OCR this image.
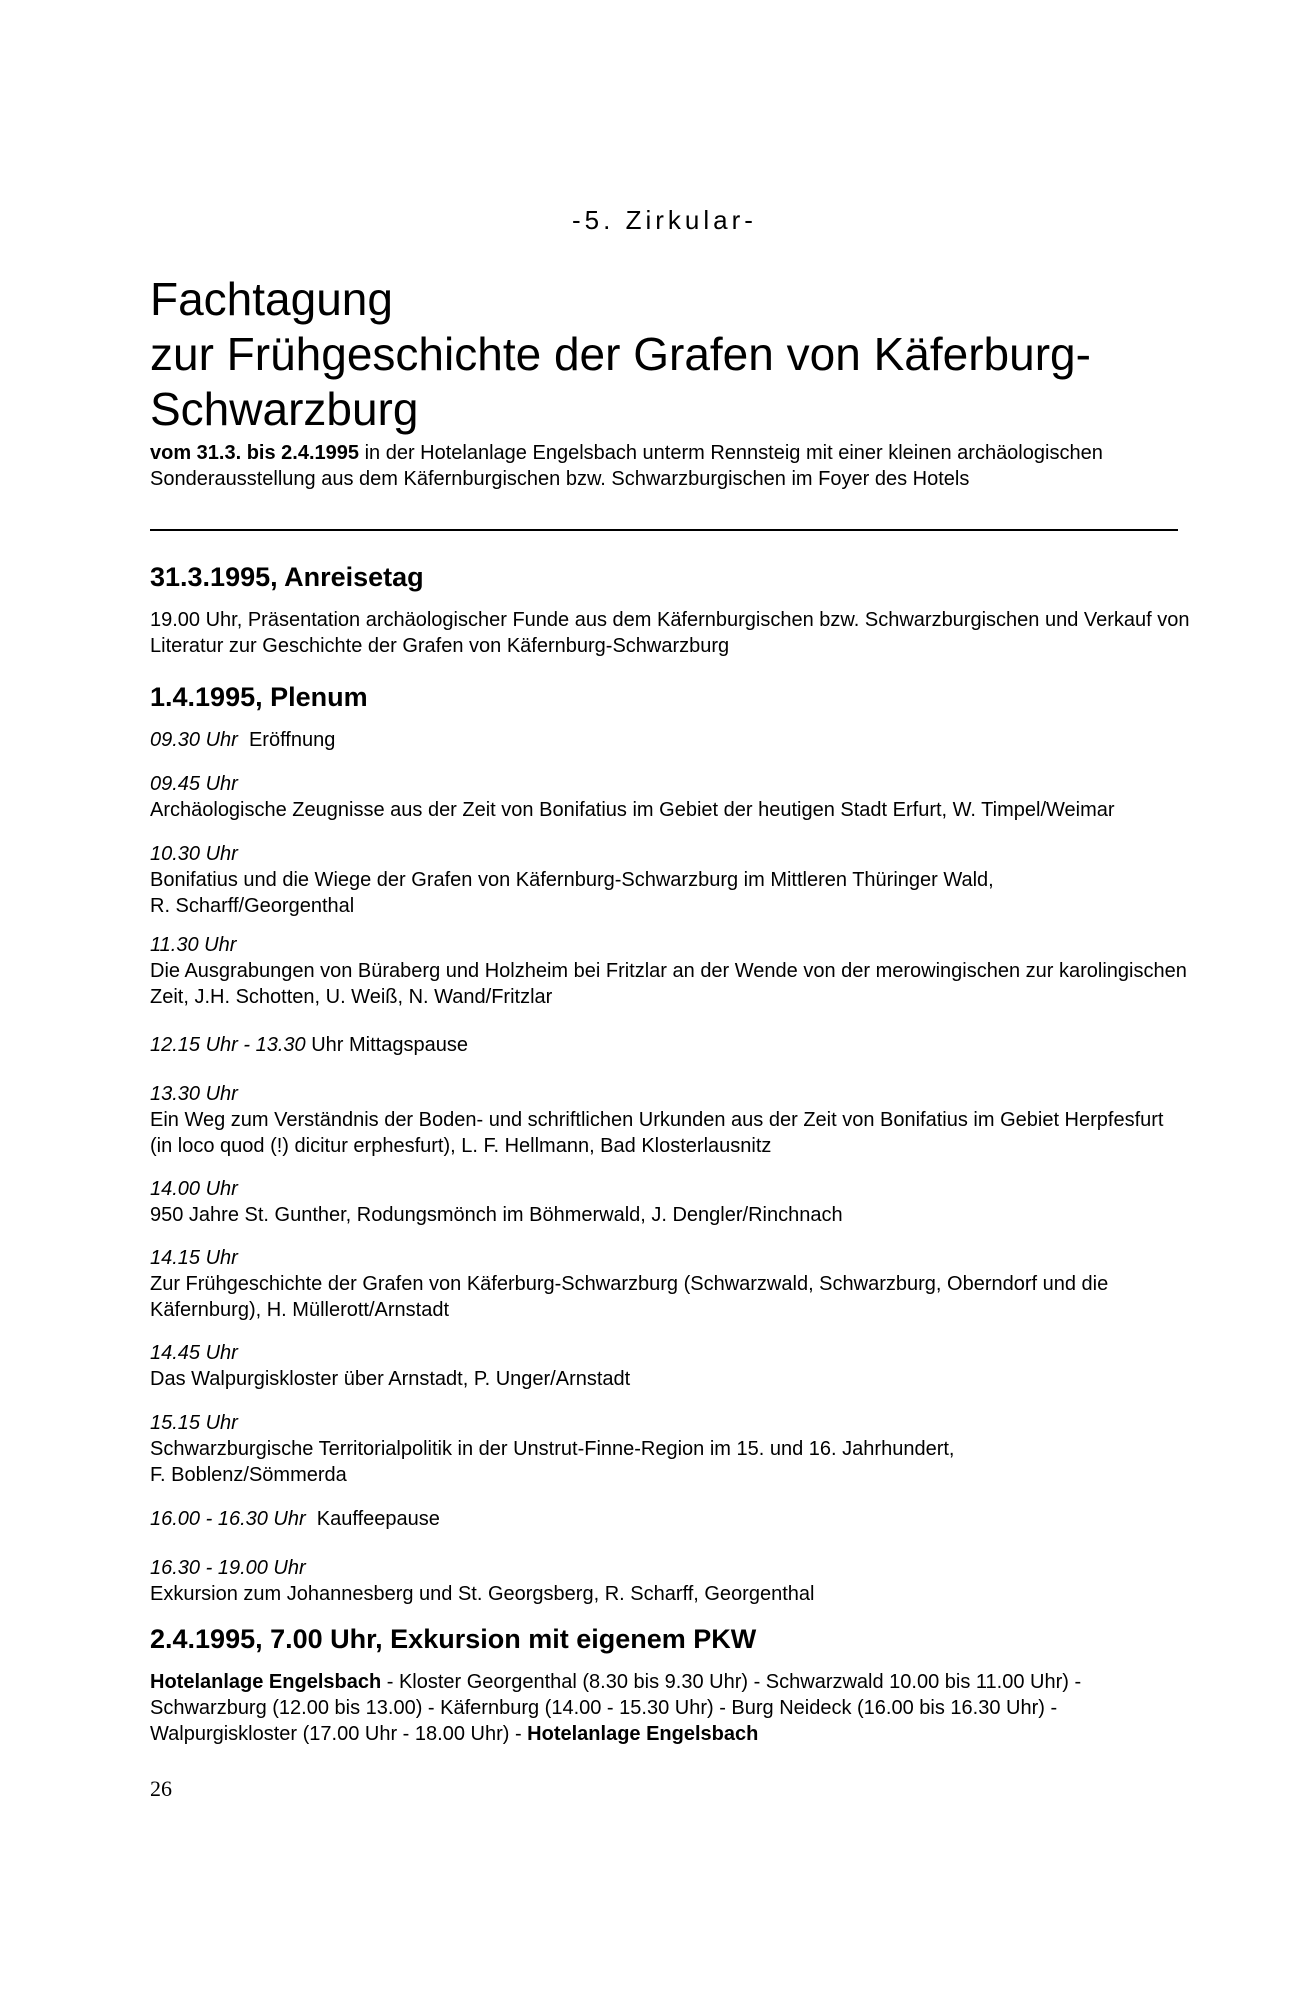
-5. Zirkular-
Fachtagung
zur Frühgeschichte der Grafen von Käferburg-
Schwarzburg

vom 31.3. bis 2.4.1995 in der Hotelanlage Engelsbach unterm Rennsteig mit einer kleinen archäologischen Sonderausstellung aus dem Käfernburgischen bzw. Schwarzburgischen im Foyer des Hotels

31.3.1995, Anreisetag

19.00 Uhr, Präsentation archäologischer Funde aus dem Käfernburgischen bzw. Schwarzburgischen und Verkauf von Literatur zur Geschichte der Grafen von Käfernburg-Schwarzburg

1.4.1995, Plenum

09.30 Uhr Eröffnung

09.45 Uhr

Archäologische Zeugnisse aus der Zeit von Bonifatius im Gebiet der heutigen Stadt Erfurt, W. Timpel/Weimar

10.30 Uhr

Bonifatius und die Wiege der Grafen von Käfernburg-Schwarzburg im Mittleren Thüringer Wald,

R. Scharff/Georgenthal

11.30 Uhr

Die Ausgrabungen von Büraberg und Holzheim bei Fritzlar an der Wende von der merowingischen zur karolingischen Zeit, J.H. Schotten, U. Weiß, N. Wand/Fritzlar

12.15 Uhr - 13.30 Uhr Mittagspause

13.30 Uhr

Ein Weg zum Verständnis der Boden- und schriftlichen Urkunden aus der Zeit von Bonifatius im Gebiet Herpfesfurt (in loco quod (!) dicitur erphesfurt), L. F. Hellmann, Bad Klosterlausnitz

14.00 Uhr

950 Jahre St. Gunther, Rodungsmönch im Böhmerwald, J. Dengler/Rinchnach

14.15 Uhr

Zur Frühgeschichte der Grafen von Käferburg-Schwarzburg (Schwarzwald, Schwarzburg, Oberndorf und die Käfernburg), H. Müllerott/Arnstadt

14.45 Uhr

Das Walpurgiskloster über Arnstadt, P. Unger/Arnstadt

15.15 Uhr

Schwarzburgische Territorialpolitik in der Unstrut-Finne-Region im 15. und 16. Jahrhundert,

F. Boblenz/Sömmerda

16.00 - 16.30 Uhr Kauffeepause

16.30 - 19.00 Uhr

Exkursion zum Johannesberg und St. Georgsberg, R. Scharff, Georgenthal

2.4.1995, 7.00 Uhr, Exkursion mit eigenem PKW

Hotelanlage Engelsbach - Kloster Georgenthal (8.30 bis 9.30 Uhr) - Schwarzwald 10.00 bis 11.00 Uhr) - Schwarzburg (12.00 bis 13.00) - Käfernburg (14.00 - 15.30 Uhr) - Burg Neideck (16.00 bis 16.30 Uhr) - Walpurgiskloster (17.00 Uhr - 18.00 Uhr) - Hotelanlage Engelsbach

26
